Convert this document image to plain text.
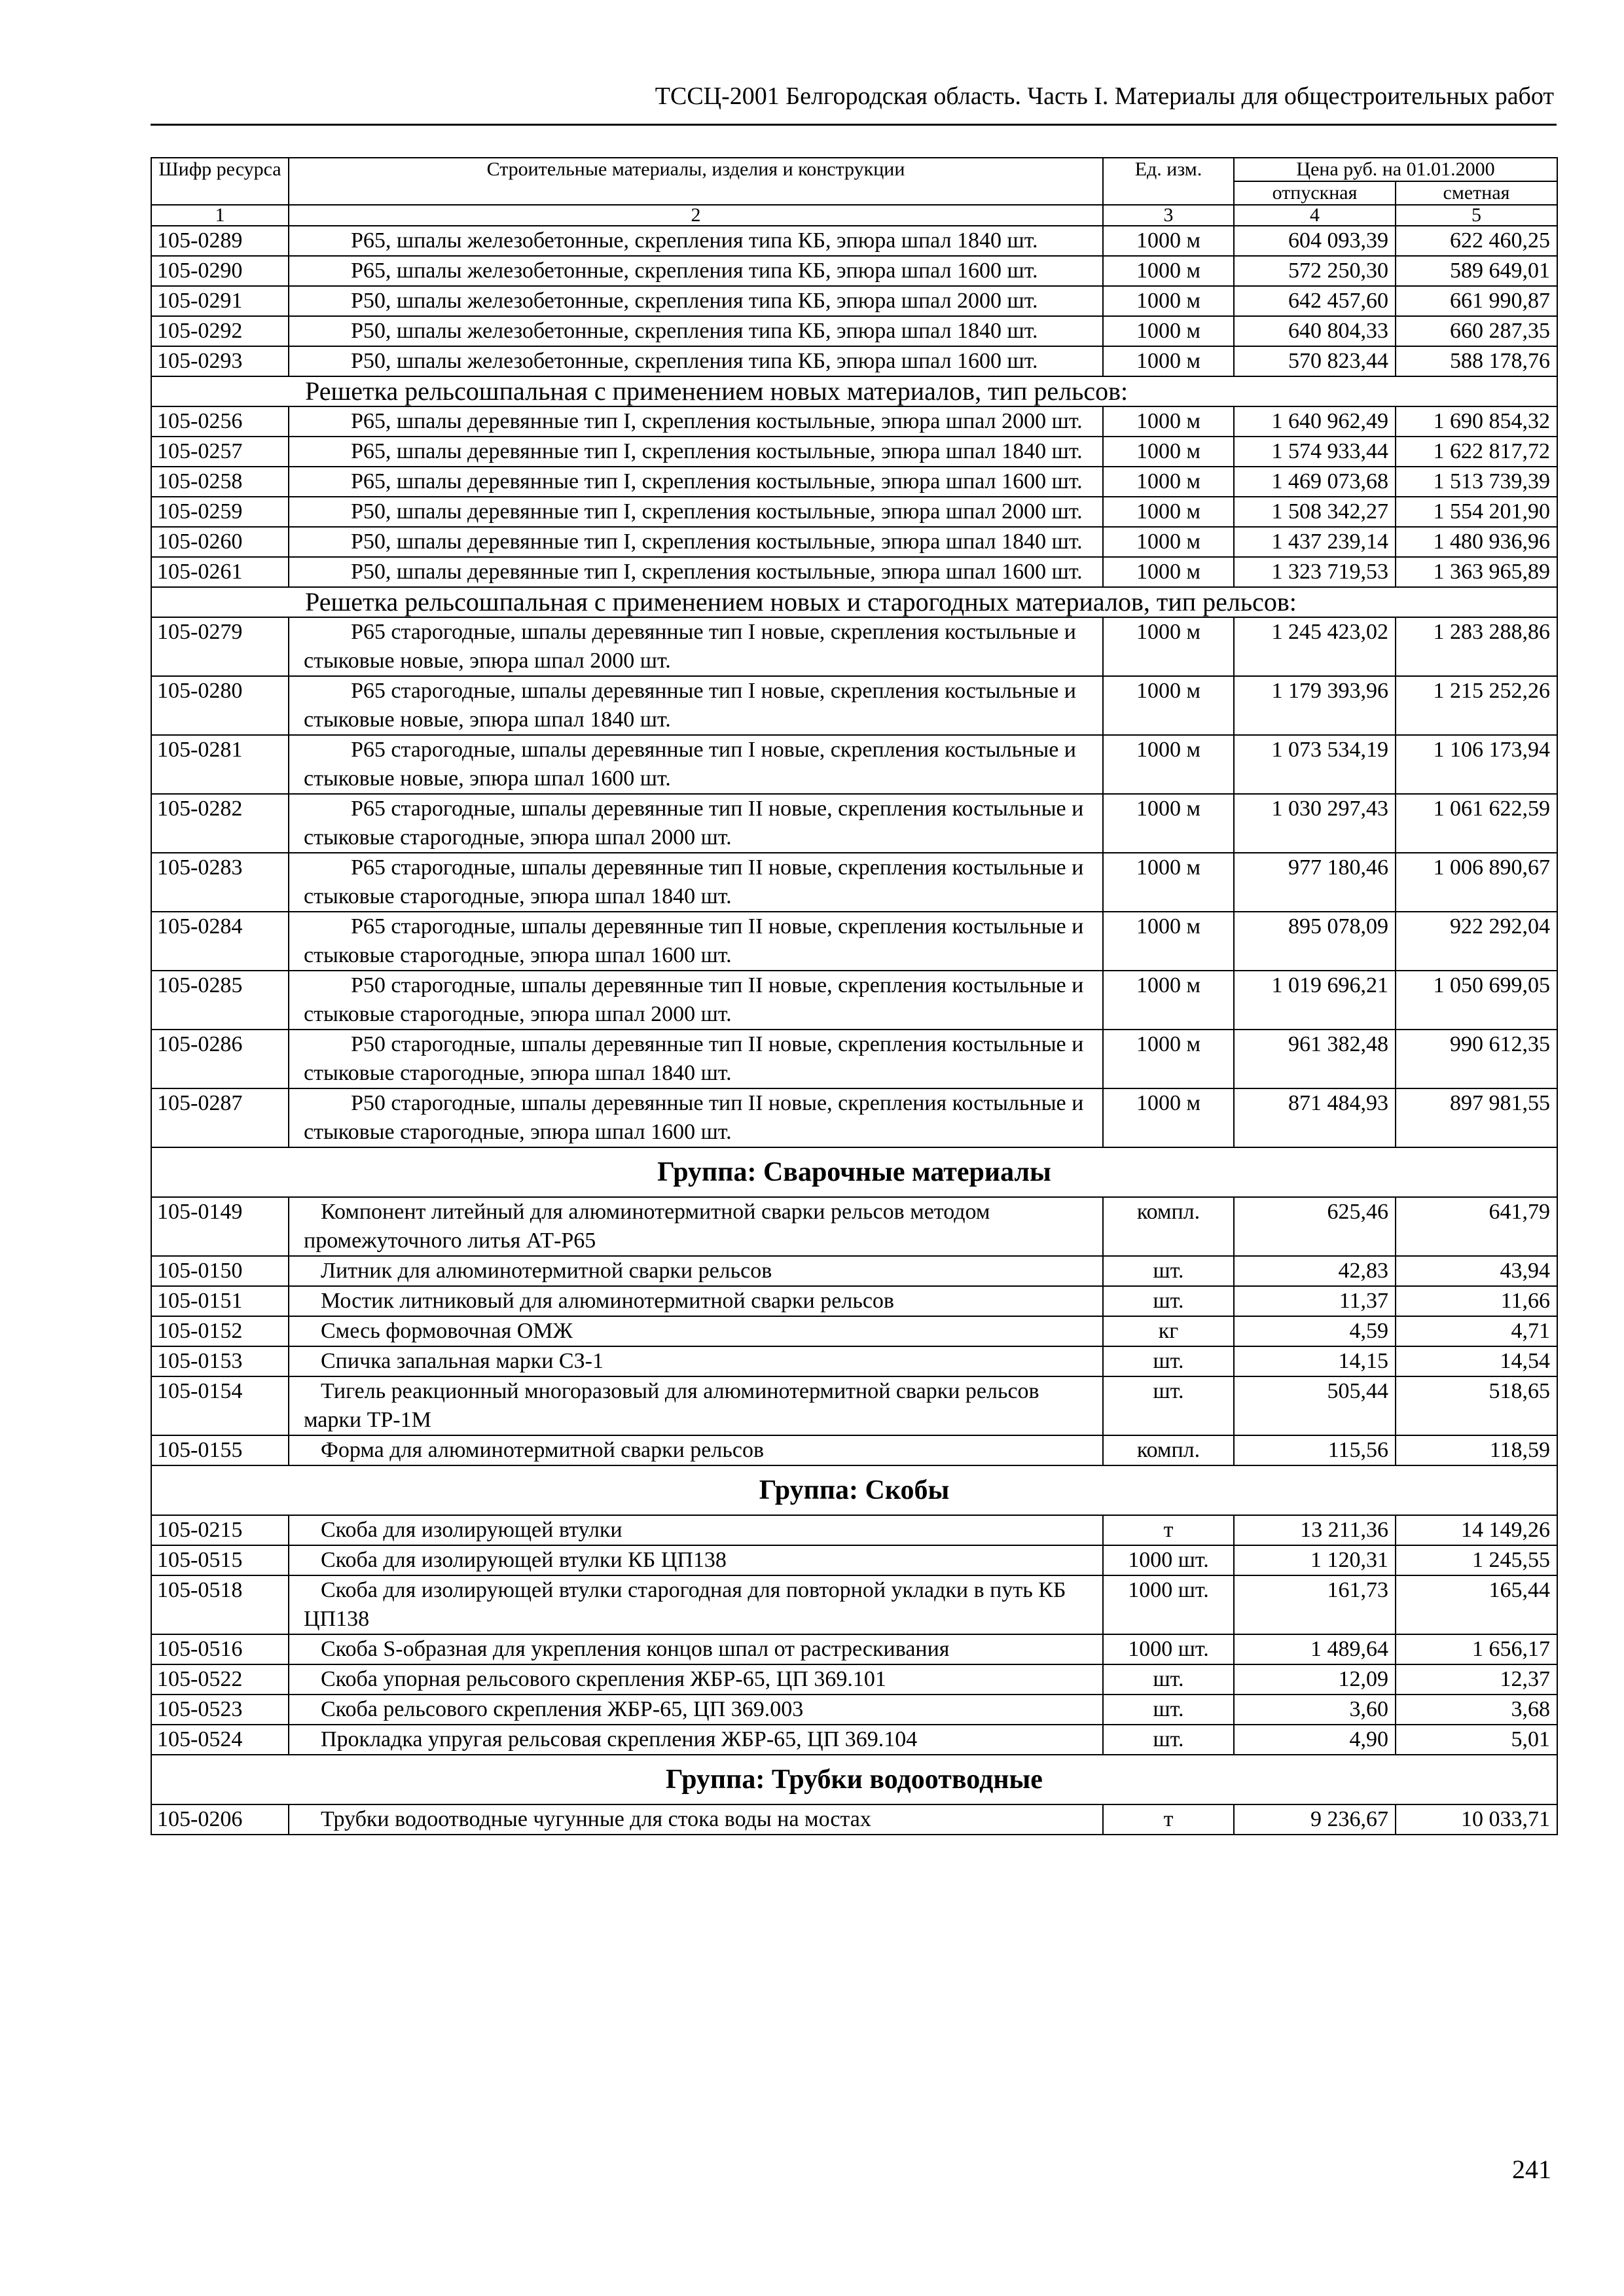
ТССЦ-2001 Белгородская область. Часть I. Материалы для общестроительных работ
Шифр ресурса	Строительные материалы, изделия и конструкции	Ед. изм.	Цена руб. на 01.01.2000	
			отпускная	сметная
1	2	3	4	5
105-0289	Р65, шпалы железобетонные, скрепления типа КБ, эпюра шпал 1840 шт.	1000 м	604 093,39	622 460,25
105-0290	Р65, шпалы железобетонные, скрепления типа КБ, эпюра шпал 1600 шт.	1000 м	572 250,30	589 649,01
105-0291	Р50, шпалы железобетонные, скрепления типа КБ, эпюра шпал 2000 шт.	1000 м	642 457,60	661 990,87
105-0292	Р50, шпалы железобетонные, скрепления типа КБ, эпюра шпал 1840 шт.	1000 м	640 804,33	660 287,35
105-0293	Р50, шпалы железобетонные, скрепления типа КБ, эпюра шпал 1600 шт.	1000 м	570 823,44	588 178,76
Решетка рельсошпальная с применением новых материалов, тип рельсов:				
105-0256	Р65, шпалы деревянные тип I, скрепления костыльные, эпюра шпал 2000 шт.	1000 м	1 640 962,49	1 690 854,32
105-0257	Р65, шпалы деревянные тип I, скрепления костыльные, эпюра шпал 1840 шт.	1000 м	1 574 933,44	1 622 817,72
105-0258	Р65, шпалы деревянные тип I, скрепления костыльные, эпюра шпал 1600 шт.	1000 м	1 469 073,68	1 513 739,39
105-0259	Р50, шпалы деревянные тип I, скрепления костыльные, эпюра шпал 2000 шт.	1000 м	1 508 342,27	1 554 201,90
105-0260	Р50, шпалы деревянные тип I, скрепления костыльные, эпюра шпал 1840 шт.	1000 м	1 437 239,14	1 480 936,96
105-0261	Р50, шпалы деревянные тип I, скрепления костыльные, эпюра шпал 1600 шт.	1000 м	1 323 719,53	1 363 965,89
Решетка рельсошпальная с применением новых и старогодных материалов, тип рельсов:				
105-0279	Р65 старогодные, шпалы деревянные тип I новые, скрепления костыльные и стыковые новые, эпюра шпал 2000 шт.	1000 м	1 245 423,02	1 283 288,86
105-0280	Р65 старогодные, шпалы деревянные тип I новые, скрепления костыльные и стыковые новые, эпюра шпал 1840 шт.	1000 м	1 179 393,96	1 215 252,26
105-0281	Р65 старогодные, шпалы деревянные тип I новые, скрепления костыльные и стыковые новые, эпюра шпал 1600 шт.	1000 м	1 073 534,19	1 106 173,94
105-0282	Р65 старогодные, шпалы деревянные тип II новые, скрепления костыльные и стыковые старогодные, эпюра шпал 2000 шт.	1000 м	1 030 297,43	1 061 622,59
105-0283	Р65 старогодные, шпалы деревянные тип II новые, скрепления костыльные и стыковые старогодные, эпюра шпал 1840 шт.	1000 м	977 180,46	1 006 890,67
105-0284	Р65 старогодные, шпалы деревянные тип II новые, скрепления костыльные и стыковые старогодные, эпюра шпал 1600 шт.	1000 м	895 078,09	922 292,04
105-0285	Р50 старогодные, шпалы деревянные тип II новые, скрепления костыльные и стыковые старогодные, эпюра шпал 2000 шт.	1000 м	1 019 696,21	1 050 699,05
105-0286	Р50 старогодные, шпалы деревянные тип II новые, скрепления костыльные и стыковые старогодные, эпюра шпал 1840 шт.	1000 м	961 382,48	990 612,35
105-0287	Р50 старогодные, шпалы деревянные тип II новые, скрепления костыльные и стыковые старогодные, эпюра шпал 1600 шт.	1000 м	871 484,93	897 981,55
Группа: Сварочные материалы				
105-0149	Компонент литейный для алюминотермитной сварки рельсов методом промежуточного литья АТ-Р65	компл.	625,46	641,79
105-0150	Литник для алюминотермитной сварки рельсов	шт.	42,83	43,94
105-0151	Мостик литниковый для алюминотермитной сварки рельсов	шт.	11,37	11,66
105-0152	Смесь формовочная ОМЖ	кг	4,59	4,71
105-0153	Спичка запальная марки СЗ-1	шт.	14,15	14,54
105-0154	Тигель реакционный многоразовый для алюминотермитной сварки рельсов марки ТР-1М	шт.	505,44	518,65
105-0155	Форма для алюминотермитной сварки рельсов	компл.	115,56	118,59
Группа: Скобы				
105-0215	Скоба для изолирующей втулки	т	13 211,36	14 149,26
105-0515	Скоба для изолирующей втулки КБ ЦП138	1000 шт.	1 120,31	1 245,55
105-0518	Скоба для изолирующей втулки старогодная для повторной укладки в путь КБ ЦП138	1000 шт.	161,73	165,44
105-0516	Скоба S-образная для укрепления концов шпал от растрескивания	1000 шт.	1 489,64	1 656,17
105-0522	Скоба упорная рельсового скрепления ЖБР-65, ЦП 369.101	шт.	12,09	12,37
105-0523	Скоба рельсового скрепления ЖБР-65, ЦП 369.003	шт.	3,60	3,68
105-0524	Прокладка упругая рельсовая скрепления ЖБР-65, ЦП 369.104	шт.	4,90	5,01
Группа: Трубки водоотводные				
105-0206	Трубки водоотводные чугунные для стока воды на мостах	т	9 236,67	10 033,71
241
